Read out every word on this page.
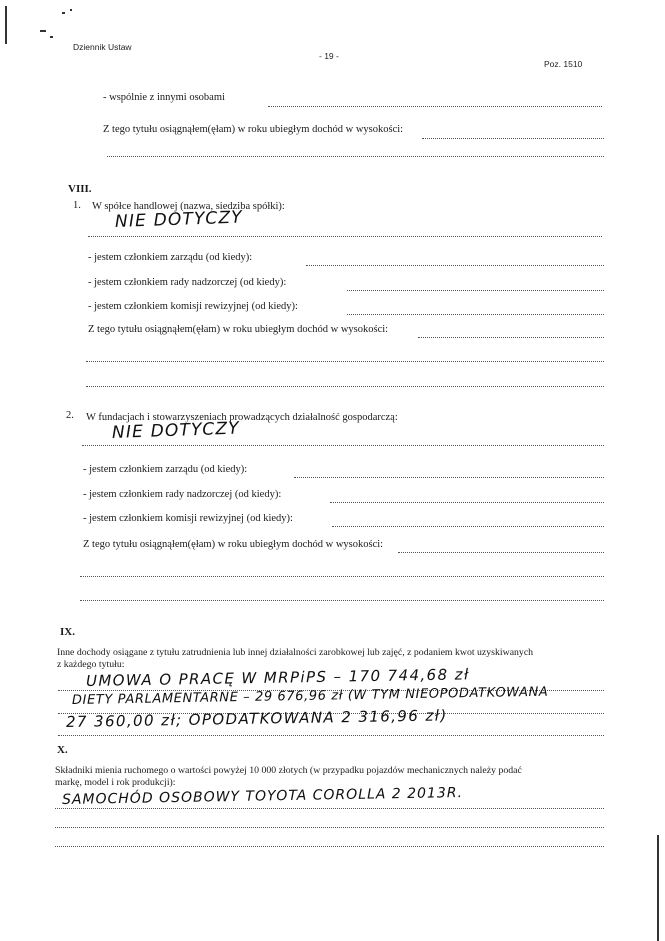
Dziennik Ustaw
- 19 -
Poz. 1510
- wspólnie z innymi osobami
Z tego tytułu osiągnąłem(ęłam) w roku ubiegłym dochód w wysokości:
VIII.
1. W spółce handlowej (nazwa, siedziba spółki):
NIE DOTYCZY
- jestem członkiem zarządu (od kiedy):
- jestem członkiem rady nadzorczej (od kiedy):
- jestem członkiem komisji rewizyjnej (od kiedy):
Z tego tytułu osiągnąłem(ęłam) w roku ubiegłym dochód w wysokości:
2. W fundacjach i stowarzyszeniach prowadzących działalność gospodarczą:
NIE DOTYCZY
- jestem członkiem zarządu (od kiedy):
- jestem członkiem rady nadzorczej (od kiedy):
- jestem członkiem komisji rewizyjnej (od kiedy):
Z tego tytułu osiągnąłem(ęłam) w roku ubiegłym dochód w wysokości:
IX.
Inne dochody osiągane z tytułu zatrudnienia lub innej działalności zarobkowej lub zajęć, z podaniem kwot uzyskiwanych
z każdego tytułu:
UMOWA O PRACĘ W MRPiPS – 170 744,68 zł
DIETY PARLAMENTARNE – 29 676,96 zł (W TYM NIEOPODATKOWANA
27 360,00 zł; OPODATKOWANA 2 316,96 zł)
X.
Składniki mienia ruchomego o wartości powyżej 10 000 złotych (w przypadku pojazdów mechanicznych należy podać
markę, model i rok produkcji):
SAMOCHÓD OSOBOWY TOYOTA COROLLA 2 2013R.
